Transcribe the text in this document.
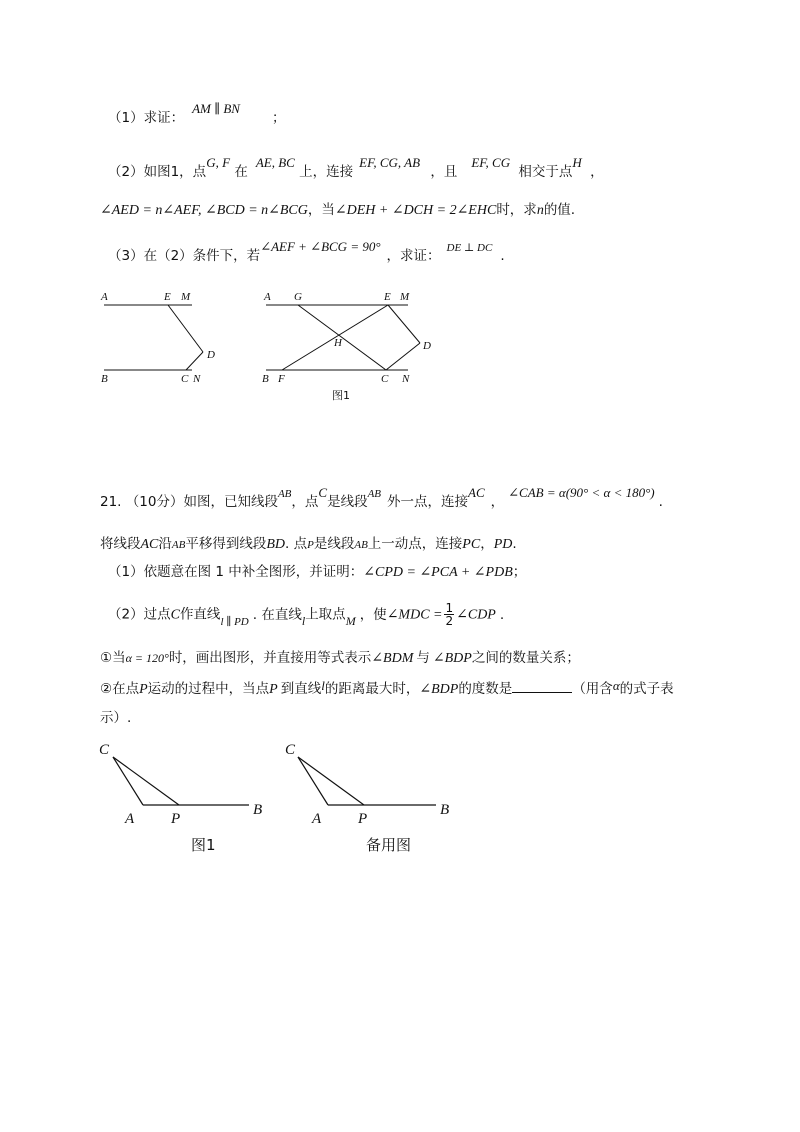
（1）求证：AM ∥ BN；
（2）如图1，点G, F 在AE, BC 上，连接EF, CG, AB ，且EF, CG 相交于点H ，
∠AED = n∠AEF, ∠BCD = n∠BCG，当∠DEH + ∠DCH = 2∠EHC时，求n的值.
（3）在（2）条件下，若∠AEF + ∠BCG = 90°，求证： $^{DE \perp DC}$ .
A	E M
D
B	C N
A G	E M
H	D
B F	C N
图1
21. （10分）如图，已知线段$^{AB}$，点C是线段$^{AB}$ 外一点，连接AC，∠CAB = α(90° < α < 180°).
将线段AC沿AB平移得到线段BD. 点P是线段AB上一动点，连接PC，PD.
（1）依题意在图 1 中补全图形，并证明：∠CPD = ∠PCA + ∠PDB；
（2）过点C作直线$_{l \parallel PD}$ . 在直线l上取点M ，使∠MDC = $\frac{1}{2}$ ∠CDP .
①当α = 120°时，画出图形，并直接用等式表示∠BDM 与 ∠BDP之间的数量关系；
②在点P运动的过程中，当点P 到直线l的距离最大时，∠BDP的度数是	（用含α的式子表
示）.
C
A P
B
图1
C
A P
B
备用图
